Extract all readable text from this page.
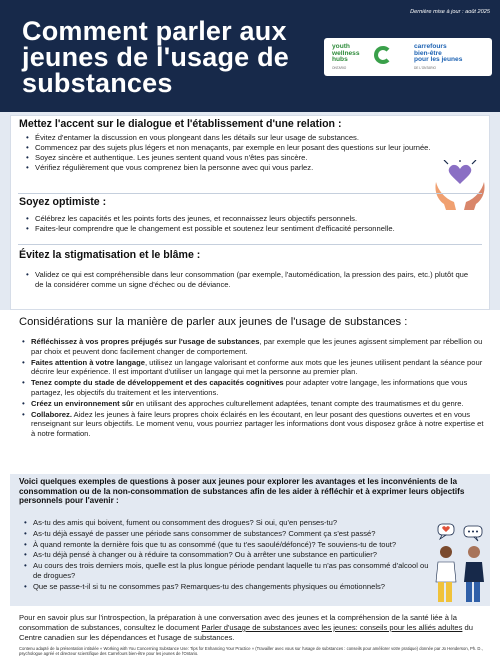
Dernière mise à jour : août 2025
Comment parler aux jeunes de l'usage de substances
youth
wellness
hubs
ONTARIO
carrefours
bien-être
pour les jeunes
DE L'ONTARIO
Mettez l'accent sur le dialogue et l'établissement d'une relation :
• Évitez d'entamer la discussion en vous plongeant dans les détails sur leur usage de substances.
• Commencez par des sujets plus légers et non menaçants, par exemple en leur posant des questions sur leur journée.
• Soyez sincère et authentique. Les jeunes sentent quand vous n'êtes pas sincère.
• Vérifiez régulièrement que vous comprenez bien la personne avec qui vous parlez.
Soyez optimiste :
• Célébrez les capacités et les points forts des jeunes, et reconnaissez leurs objectifs personnels.
• Faites-leur comprendre que le changement est possible et soutenez leur sentiment d'efficacité personnelle.
Évitez la stigmatisation et le blâme :
• Validez ce qui est compréhensible dans leur consommation (par exemple, l'automédication, la pression des pairs, etc.) plutôt que de la considérer comme un signe d'échec ou de déviance.
Considérations sur la manière de parler aux jeunes de l'usage de substances :
• Réfléchissez à vos propres préjugés sur l'usage de substances, par exemple que les jeunes agissent simplement par rébellion ou par choix et peuvent donc facilement changer de comportement.
• Faites attention à votre langage, utilisez un langage valorisant et conforme aux mots que les jeunes utilisent pendant la séance pour décrire leur expérience. Il est important d'utiliser un langage qui met la personne au premier plan.
• Tenez compte du stade de développement et des capacités cognitives pour adapter votre langage, les informations que vous partagez, les objectifs du traitement et les interventions.
• Créez un environnement sûr en utilisant des approches culturellement adaptées, tenant compte des traumatismes et du genre.
• Collaborez. Aidez les jeunes à faire leurs propres choix éclairés en les écoutant, en leur posant des questions ouvertes et en vous renseignant sur leurs objectifs. Le moment venu, vous pourriez partager les informations dont vous disposez grâce à notre expertise et à notre formation.
Voici quelques exemples de questions à poser aux jeunes pour explorer les avantages et les inconvénients de la consommation ou de la non-consommation de substances afin de les aider à réfléchir et à exprimer leurs objectifs personnels pour l'avenir :
• As-tu des amis qui boivent, fument ou consomment des drogues? Si oui, qu'en penses-tu?
• As-tu déjà essayé de passer une période sans consommer de substances? Comment ça s'est passé?
• À quand remonte la dernière fois que tu as consommé (que tu t'es saoulé/défoncé)? Te souviens-tu de tout?
• As-tu déjà pensé à changer ou à réduire ta consommation? Ou à arrêter une substance en particulier?
• Au cours des trois derniers mois, quelle est la plus longue période pendant laquelle tu n'as pas consommé d'alcool ou de drogues?
• Que se passe-t-il si tu ne consommes pas? Remarques-tu des changements physiques ou émotionnels?
Pour en savoir plus sur l'introspection, la préparation à une conversation avec des jeunes et la compréhension de la santé liée à la consommation de substances, consultez le document Parler d'usage de substances avec les jeunes: conseils pour les alliés adultes du Centre canadien sur les dépendances et l'usage de substances.
Contenu adapté de la présentation intitulée « Working with You Concerning Substance Use: Tips for Enhancing Your Practice » (Travailler avec vous sur l'usage de substances : conseils pour améliorer votre pratique) donnée par Jo Henderson, Ph. D., psychologue agréé et directeur scientifique des Carrefours bien-être pour les jeunes de l'Ontario.
